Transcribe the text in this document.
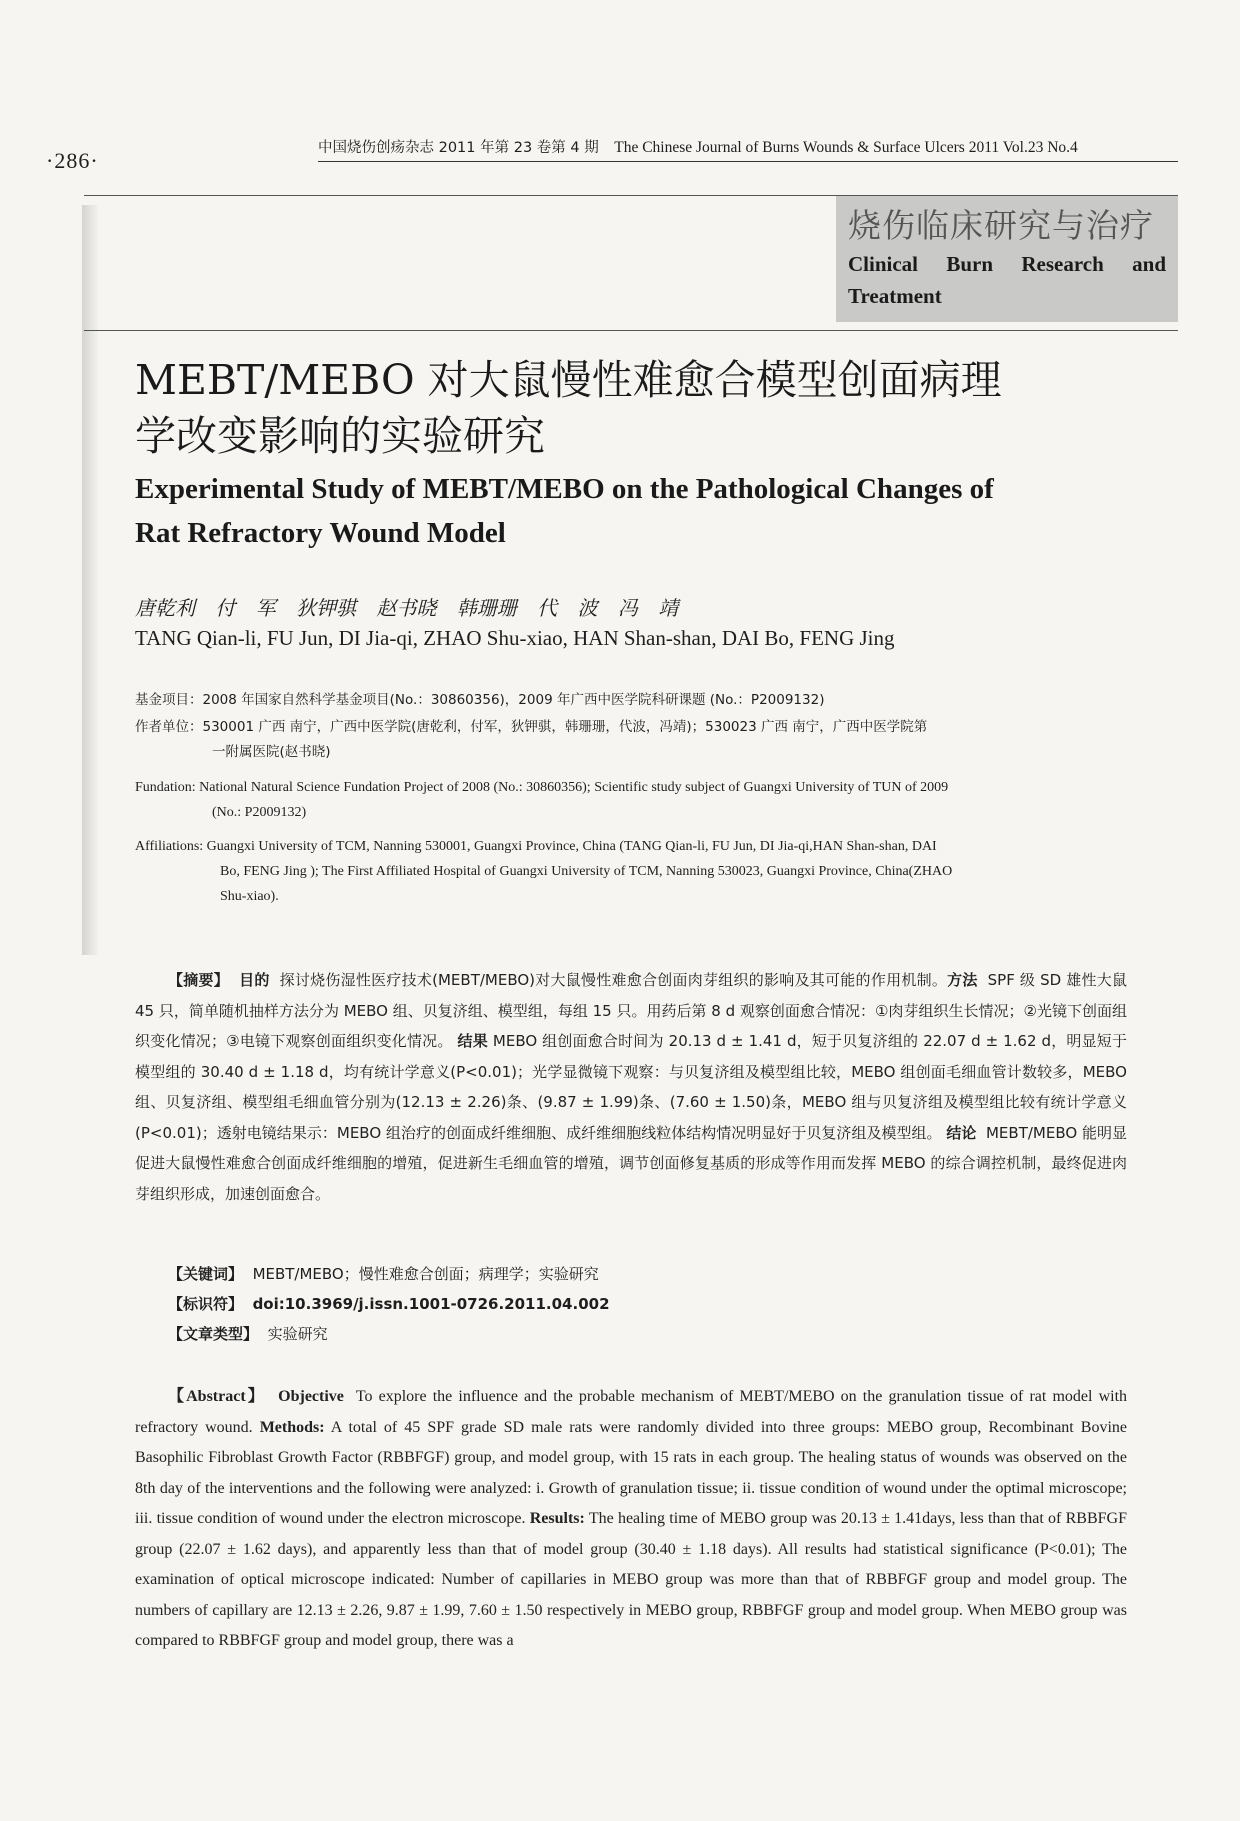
·286·	中国烧伤创疡杂志 2011 年第 23 卷第 4 期 The Chinese Journal of Burns Wounds & Surface Ulcers 2011 Vol.23 No.4
烧伤临床研究与治疗
Clinical Burn Research and Treatment
MEBT/MEBO 对大鼠慢性难愈合模型创面病理
学改变影响的实验研究
Experimental Study of MEBT/MEBO on the Pathological Changes of
Rat Refractory Wound Model
唐乾利 付 军 狄钾骐 赵书晓 韩珊珊 代 波 冯 靖
TANG Qian-li, FU Jun, DI Jia-qi, ZHAO Shu-xiao, HAN Shan-shan, DAI Bo, FENG Jing
基金项目：2008 年国家自然科学基金项目(No.：30860356)，2009 年广西中医学院科研课题 (No.：P2009132)
作者单位：530001 广西 南宁，广西中医学院(唐乾利，付军，狄钾骐，韩珊珊，代波，冯靖)；530023 广西 南宁，广西中医学院第
一附属医院(赵书晓)
Fundation: National Natural Science Fundation Project of 2008 (No.: 30860356); Scientific study subject of Guangxi University of TUN of 2009
(No.: P2009132)
Affiliations: Guangxi University of TCM, Nanning 530001, Guangxi Province, China (TANG Qian-li, FU Jun, DI Jia-qi,HAN Shan-shan, DAI
Bo, FENG Jing ); The First Affiliated Hospital of Guangxi University of TCM, Nanning 530023, Guangxi Province, China(ZHAO
Shu-xiao).
【摘要】 目的 探讨烧伤湿性医疗技术(MEBT/MEBO)对大鼠慢性难愈合创面肉芽组织的影响及其可能的作用机制。方法 SPF 级 SD 雄性大鼠 45 只，简单随机抽样方法分为 MEBO 组、贝复济组、模型组，每组 15 只。用药后第 8 d 观察创面愈合情况：①肉芽组织生长情况；②光镜下创面组织变化情况；③电镜下观察创面组织变化情况。 结果 MEBO 组创面愈合时间为 20.13 d ± 1.41 d，短于贝复济组的 22.07 d ± 1.62 d，明显短于模型组的 30.40 d ± 1.18 d，均有统计学意义(P<0.01)；光学显微镜下观察：与贝复济组及模型组比较，MEBO 组创面毛细血管计数较多，MEBO 组、贝复济组、模型组毛细血管分别为(12.13 ± 2.26)条、(9.87 ± 1.99)条、(7.60 ± 1.50)条，MEBO 组与贝复济组及模型组比较有统计学意义(P<0.01)；透射电镜结果示：MEBO 组治疗的创面成纤维细胞、成纤维细胞线粒体结构情况明显好于贝复济组及模型组。 结论 MEBT/MEBO 能明显促进大鼠慢性难愈合创面成纤维细胞的增殖，促进新生毛细血管的增殖，调节创面修复基质的形成等作用而发挥 MEBO 的综合调控机制，最终促进肉芽组织形成，加速创面愈合。
【关键词】 MEBT/MEBO；慢性难愈合创面；病理学；实验研究
【标识符】 doi:10.3969/j.issn.1001-0726.2011.04.002
【文章类型】 实验研究
【Abstract】 Objective To explore the influence and the probable mechanism of MEBT/MEBO on the granulation tissue of rat model with refractory wound. Methods: A total of 45 SPF grade SD male rats were randomly divided into three groups: MEBO group, Recombinant Bovine Basophilic Fibroblast Growth Factor (RBBFGF) group, and model group, with 15 rats in each group. The healing status of wounds was observed on the 8th day of the interventions and the following were analyzed: i. Growth of granulation tissue; ii. tissue condition of wound under the optimal microscope; iii. tissue condition of wound under the electron microscope. Results: The healing time of MEBO group was 20.13 ± 1.41days, less than that of RBBFGF group (22.07 ± 1.62 days), and apparently less than that of model group (30.40 ± 1.18 days). All results had statistical significance (P<0.01); The examination of optical microscope indicated: Number of capillaries in MEBO group was more than that of RBBFGF group and model group. The numbers of capillary are 12.13 ± 2.26, 9.87 ± 1.99, 7.60 ± 1.50 respectively in MEBO group, RBBFGF group and model group. When MEBO group was compared to RBBFGF group and model group, there was a
